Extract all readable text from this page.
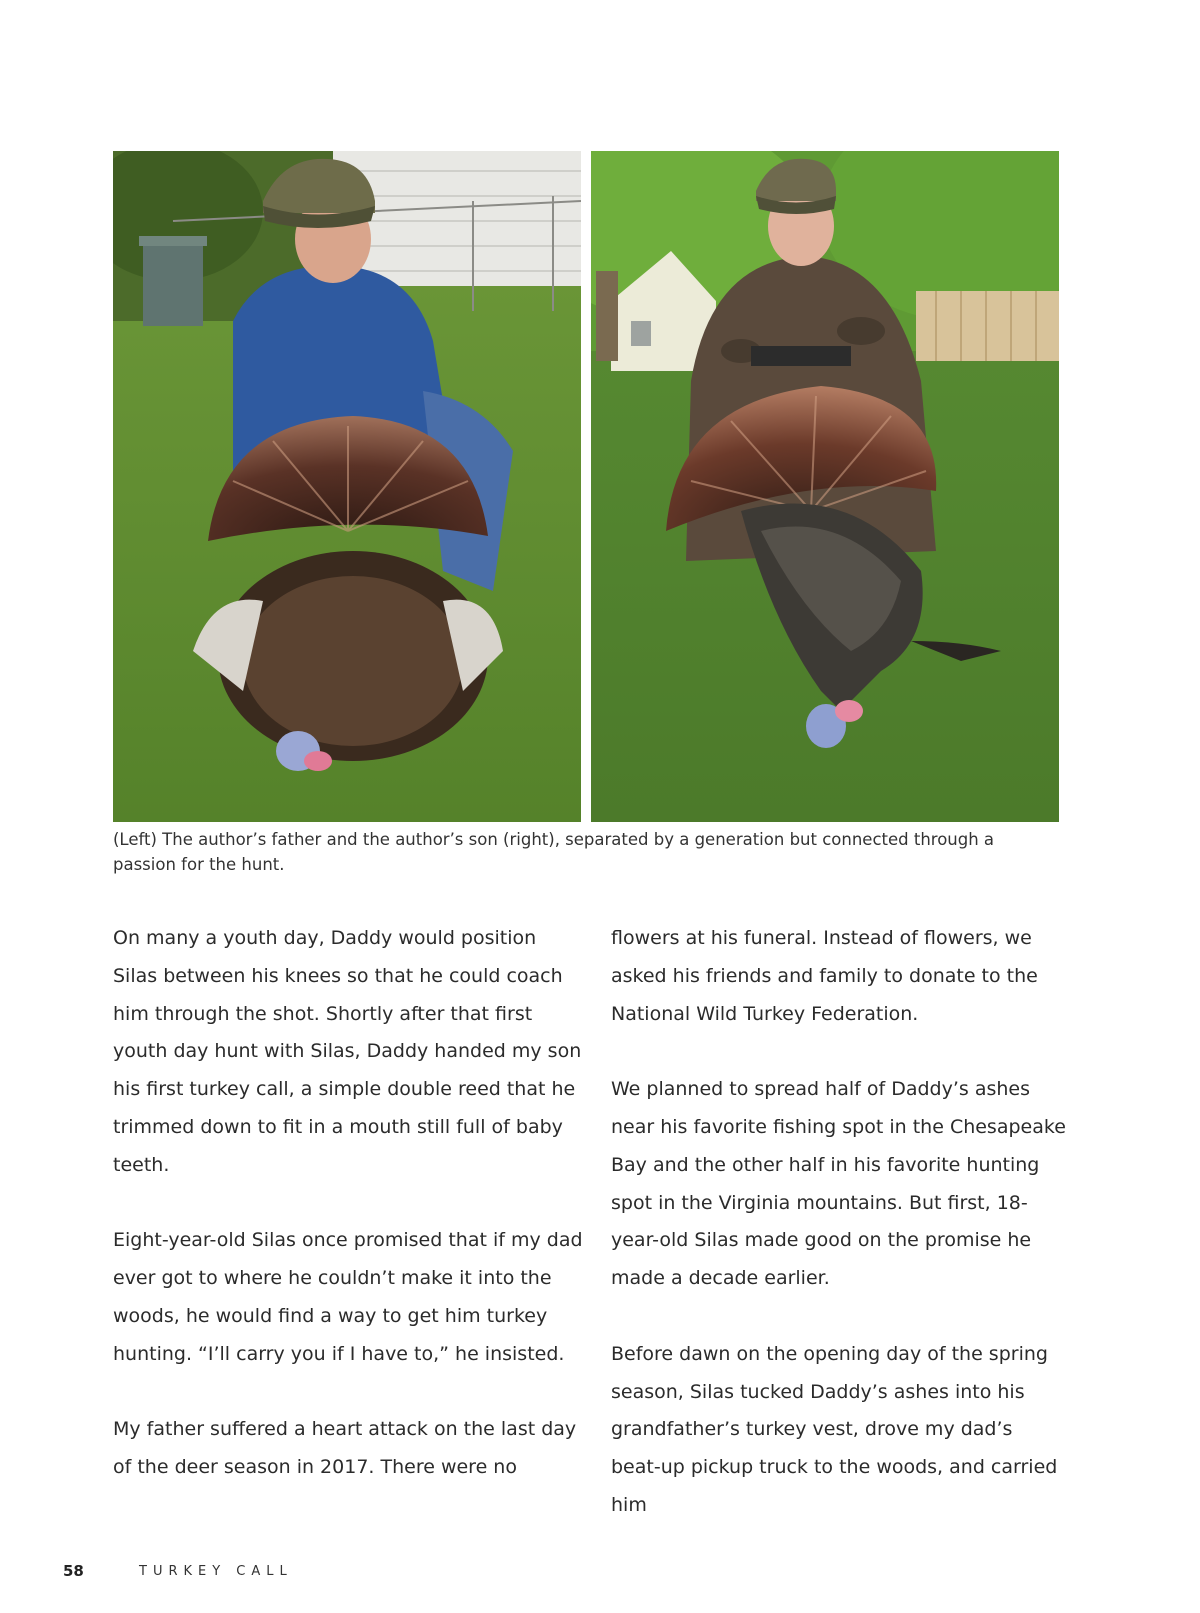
(Left) The author’s father and the author’s son (right), separated by a generation but connected through a passion for the hunt.

On many a youth day, Daddy would position Silas between his knees so that he could coach him through the shot. Shortly after that first youth day hunt with Silas, Daddy handed my son his first turkey call, a simple double reed that he trimmed down to fit in a mouth still full of baby teeth.

Eight-year-old Silas once promised that if my dad ever got to where he couldn’t make it into the woods, he would find a way to get him turkey hunting. “I’ll carry you if I have to,” he insisted.

My father suffered a heart attack on the last day of the deer season in 2017. There were no

flowers at his funeral. Instead of flowers, we asked his friends and family to donate to the National Wild Turkey Federation.

We planned to spread half of Daddy’s ashes near his favorite fishing spot in the Chesapeake Bay and the other half in his favorite hunting spot in the Virginia mountains. But first, 18-year-old Silas made good on the promise he made a decade earlier.

Before dawn on the opening day of the spring season, Silas tucked Daddy’s ashes into his grandfather’s turkey vest, drove my dad’s beat-up pickup truck to the woods, and carried him

58	TURKEY CALL
